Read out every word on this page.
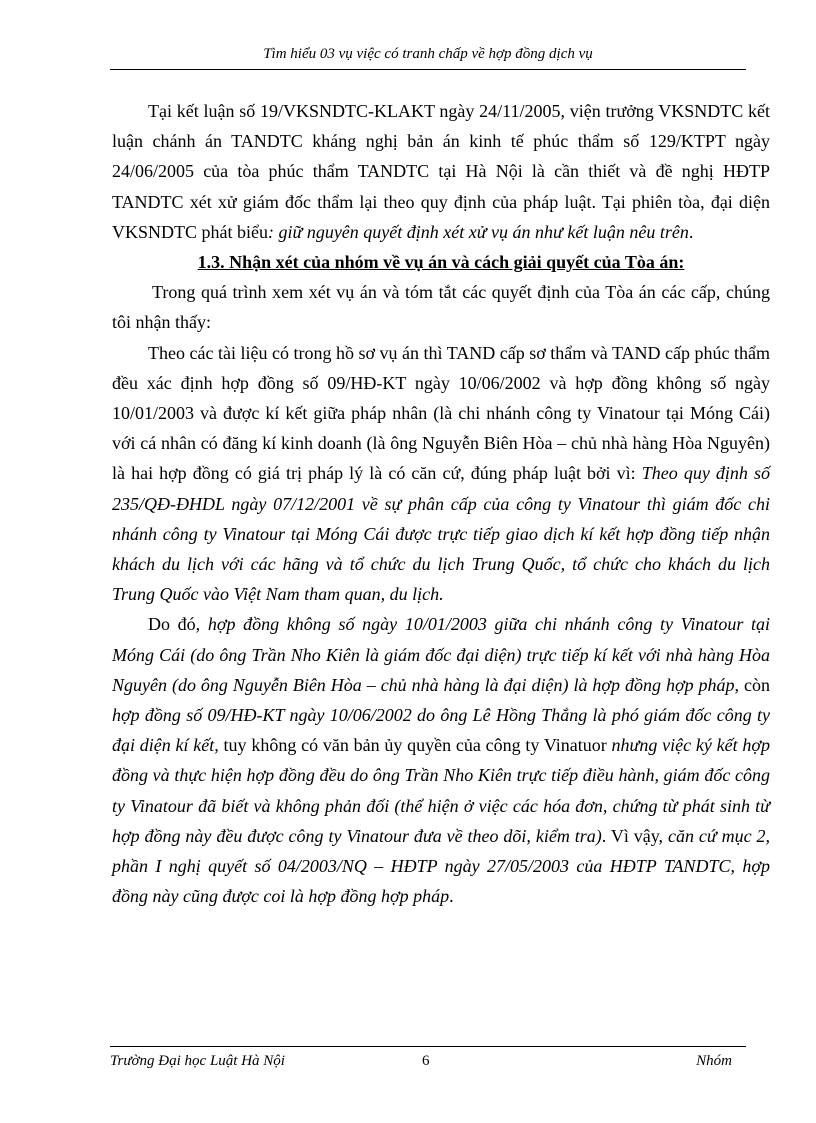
Tìm hiểu 03 vụ việc có tranh chấp về hợp đồng dịch vụ

Tại kết luận số 19/VKSNDTC-KLAKT ngày 24/11/2005, viện trưởng VKSNDTC kết luận chánh án TANDTC kháng nghị bản án kinh tế phúc thẩm số 129/KTPT ngày 24/06/2005 của tòa phúc thẩm TANDTC tại Hà Nội là cần thiết và đề nghị HĐTP TANDTC xét xử giám đốc thẩm lại theo quy định của pháp luật. Tại phiên tòa, đại diện VKSNDTC phát biểu: giữ nguyên quyết định xét xử vụ án như kết luận nêu trên.

1.3. Nhận xét của nhóm về vụ án và cách giải quyết của Tòa án:

Trong quá trình xem xét vụ án và tóm tắt các quyết định của Tòa án các cấp, chúng tôi nhận thấy:

Theo các tài liệu có trong hồ sơ vụ án thì TAND cấp sơ thẩm và TAND cấp phúc thẩm đều xác định hợp đồng số 09/HĐ-KT ngày 10/06/2002 và hợp đồng không số ngày 10/01/2003 và được kí kết giữa pháp nhân (là chi nhánh công ty Vinatour tại Móng Cái) với cá nhân có đăng kí kinh doanh (là ông Nguyễn Biên Hòa – chủ nhà hàng Hòa Nguyên) là hai hợp đồng có giá trị pháp lý là có căn cứ, đúng pháp luật bởi vì: Theo quy định số 235/QĐ-ĐHDL ngày 07/12/2001 về sự phân cấp của công ty Vinatour thì giám đốc chi nhánh công ty Vinatour tại Móng Cái được trực tiếp giao dịch kí kết hợp đồng tiếp nhận khách du lịch với các hãng và tổ chức du lịch Trung Quốc, tổ chức cho khách du lịch Trung Quốc vào Việt Nam tham quan, du lịch.

Do đó, hợp đồng không số ngày 10/01/2003 giữa chi nhánh công ty Vinatour tại Móng Cái (do ông Trần Nho Kiên là giám đốc đại diện) trực tiếp kí kết với nhà hàng Hòa Nguyên (do ông Nguyễn Biên Hòa – chủ nhà hàng là đại diện) là hợp đồng hợp pháp, còn hợp đồng số 09/HĐ-KT ngày 10/06/2002 do ông Lê Hồng Thắng là phó giám đốc công ty đại diện kí kết, tuy không có văn bản ủy quyền của công ty Vinatuor nhưng việc ký kết hợp đồng và thực hiện hợp đồng đều do ông Trần Nho Kiên trực tiếp điều hành, giám đốc công ty Vinatour đã biết và không phản đối (thể hiện ở việc các hóa đơn, chứng từ phát sinh từ hợp đồng này đều được công ty Vinatour đưa về theo dõi, kiểm tra). Vì vậy, căn cứ mục 2, phần I nghị quyết số 04/2003/NQ – HĐTP ngày 27/05/2003 của HĐTP TANDTC, hợp đồng này cũng được coi là hợp đồng hợp pháp.

Trường Đại học Luật Hà Nội	6	Nhóm
